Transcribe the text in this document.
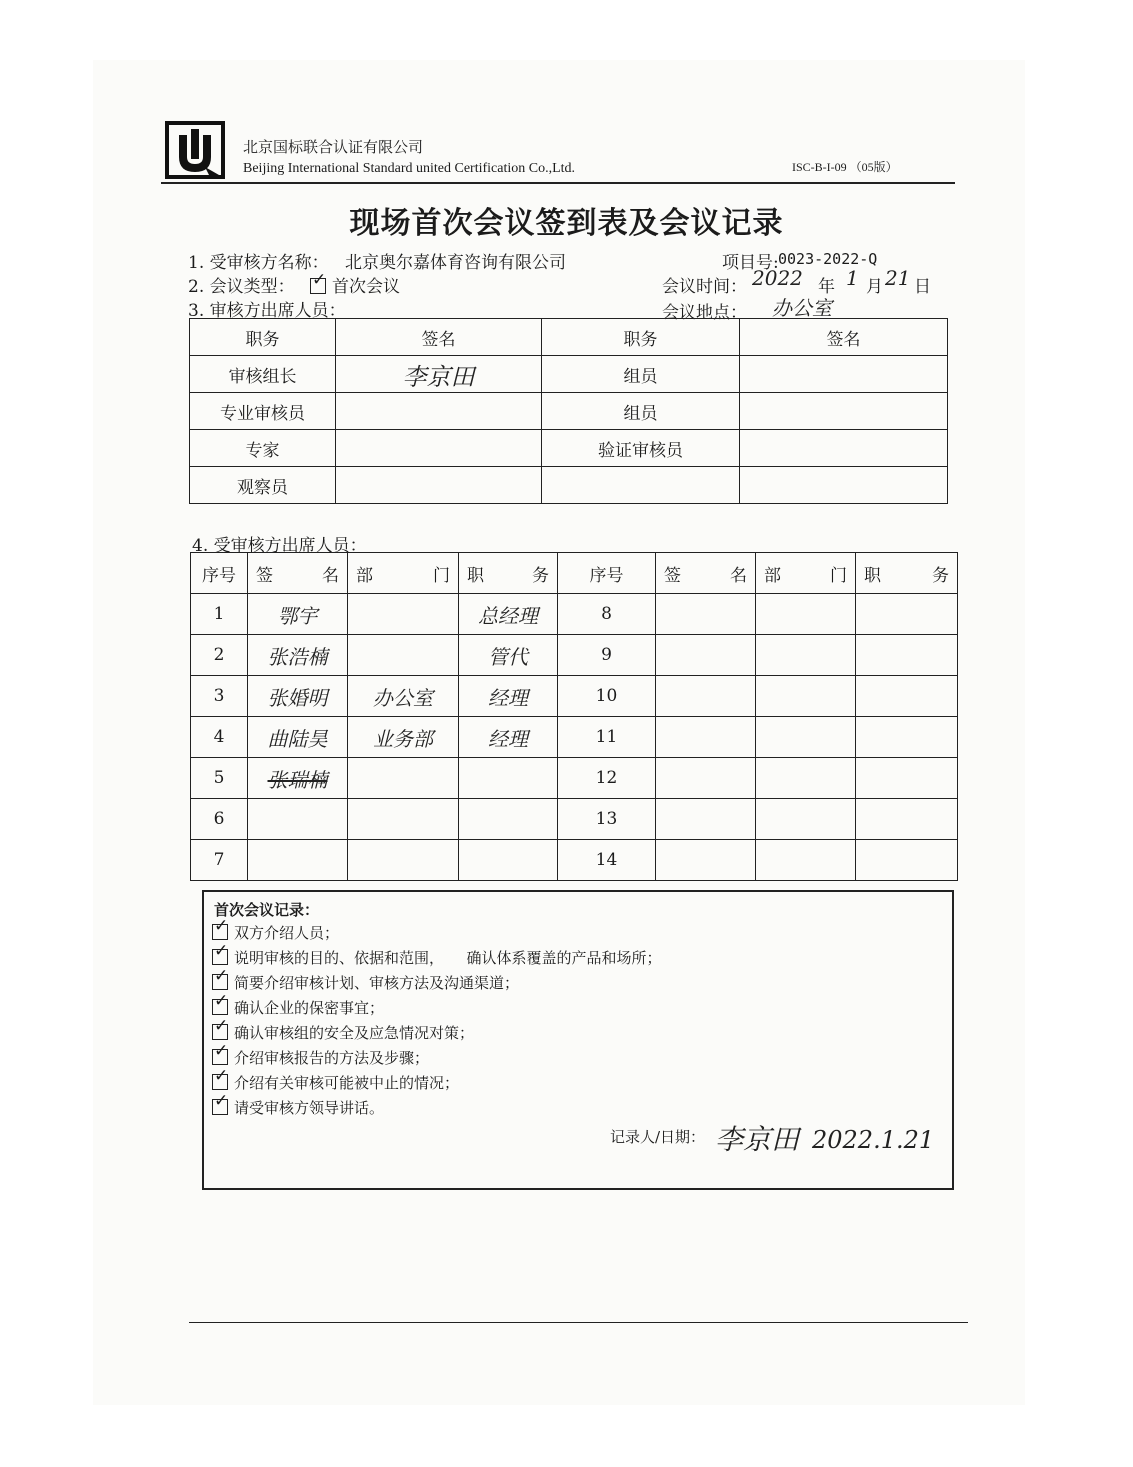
北京国标联合认证有限公司
Beijing International Standard united Certification Co.,Ltd.	ISC-B-I-09 （05版）
现场首次会议签到表及会议记录
1. 受审核方名称： 北京奥尔嘉体育咨询有限公司	项目号: 0023-2022-Q
2. 会议类型： ✓	首次会议	会议时间： 2022 年 1 月 21 日
3. 审核方出席人员：	会议地点： 办公室
职务	签名	职务	签名
审核组长	李京田	组员	
专业审核员		组员	
专家		验证审核员	
观察员			
4. 受审核方出席人员：
序号	签　名	部　门	职　务	序号	签　名	部　门	职　务
1	鄂宇		总经理	8			
2	张浩楠		管代	9			
3	张婚明	办公室	经理	10			
4	曲陆昊	业务部	经理	11			
5	张瑞楠			12			
6				13			
7				14			
首次会议记录：
✓双方介绍人员；
✓说明审核的目的、依据和范围，　　确认体系覆盖的产品和场所；
✓简要介绍审核计划、审核方法及沟通渠道；
✓确认企业的保密事宜；
✓确认审核组的安全及应急情况对策；
✓介绍审核报告的方法及步骤；
✓介绍有关审核可能被中止的情况；
✓请受审核方领导讲话。
记录人/日期： 李京田 2022.1.21
